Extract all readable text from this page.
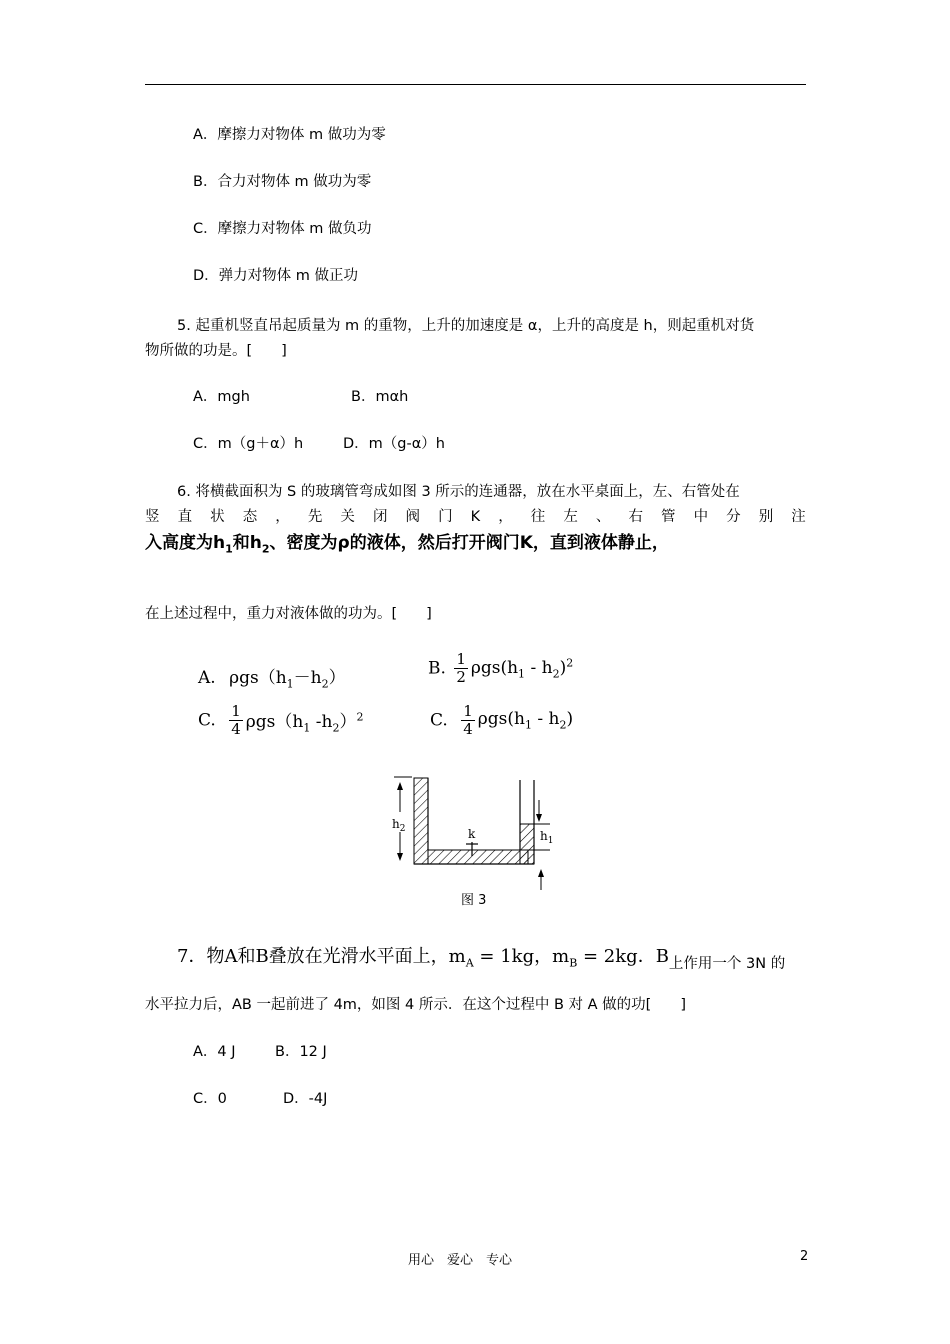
A．摩擦力对物体 m 做功为零
B．合力对物体 m 做功为零
C．摩擦力对物体 m 做负功
D．弹力对物体 m 做正功
5. 起重机竖直吊起质量为 m 的重物，上升的加速度是 α，上升的高度是 h，则起重机对货
物所做的功是。[　　]
A．mgh	B．mαh
C．m（g＋α）h	D．m（g-α）h
6. 将横截面积为 S 的玻璃管弯成如图 3 所示的连通器，放在水平桌面上，左、右管处在
竖 直 状 态 ， 先 关 闭 阀 门 K ， 往 左 、 右 管 中 分 别 注
入高度为$h_1$和$h_2$、密度为ρ的液体，然后打开阀门K，直到液体静止，
在上述过程中，重力对液体做的功为。[　　]
A. $\rho gs(h_1-h_2)$	B. $\frac{1}{2} \rho gs(h_1 - h_2)^2$
C. $\frac{1}{4} \rho gs(h_1$ $-h_2)^2$	C. $\frac{1}{4} \rho gs(h_1 - h_2)$
$h_2$	k	$h_1$
图 3
7．物A和B叠放在光滑水平面上，$m_A = 1kg$，$m_B = 2kg$．B上作用一个 3N 的
水平拉力后，AB 一起前进了 4m，如图 4 所示．在这个过程中 B 对 A 做的功[　　]
A．4 J	B．12 J
C．0	D．-4J
用心　爱心　专心	2
